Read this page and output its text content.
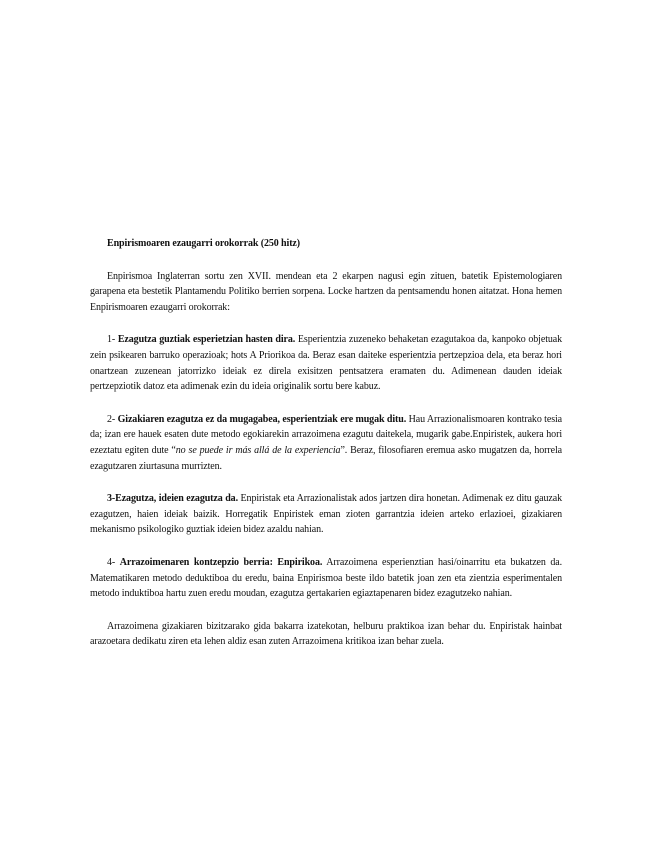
Enpirismoaren ezaugarri orokorrak (250 hitz)

Enpirismoa Inglaterran sortu zen XVII. mendean eta 2 ekarpen nagusi egin zituen, batetik Epistemologiaren garapena eta bestetik Plantamendu Politiko berrien sorpena. Locke hartzen da pentsamendu honen aitatzat. Hona hemen Enpirismoaren ezaugarri orokorrak:

1- Ezagutza guztiak esperietzian hasten dira. Esperientzia zuzeneko behaketan ezagutakoa da, kanpoko objetuak zein psikearen barruko operazioak; hots A Priorikoa da. Beraz esan daiteke esperientzia pertzepzioa dela, eta beraz hori onartzean zuzenean jatorrizko ideiak ez direla exisitzen pentsatzera eramaten du. Adimenean dauden ideiak pertzepziotik datoz eta adimenak ezin du ideia originalik sortu bere kabuz.

2- Gizakiaren ezagutza ez da mugagabea, esperientziak ere mugak ditu. Hau Arrazionalismoaren kontrako tesia da; izan ere hauek esaten dute metodo egokiarekin arrazoimena ezagutu daitekela, mugarik gabe.Enpiristek, aukera hori ezeztatu egiten dute “no se puede ir más allá de la experiencia”. Beraz, filosofiaren eremua asko mugatzen da, horrela ezagutzaren ziurtasuna murrizten.

3-Ezagutza, ideien ezagutza da. Enpiristak eta Arrazionalistak ados jartzen dira honetan. Adimenak ez ditu gauzak ezagutzen, haien ideiak baizik. Horregatik Enpiristek eman zioten garrantzia ideien arteko erlazioei, gizakiaren mekanismo psikologiko guztiak ideien bidez azaldu nahian.

4- Arrazoimenaren kontzepzio berria: Enpirikoa. Arrazoimena esperienztian hasi/oinarritu eta bukatzen da. Matematikaren metodo deduktiboa du eredu, baina Enpirismoa beste ildo batetik joan zen eta zientzia esperimentalen metodo induktiboa hartu zuen eredu moudan, ezagutza gertakarien egiaztapenaren bidez ezagutzeko nahian.

Arrazoimena gizakiaren bizitzarako gida bakarra izatekotan, helburu praktikoa izan behar du. Enpiristak hainbat arazoetara dedikatu ziren eta lehen aldiz esan zuten Arrazoimena kritikoa izan behar zuela.
